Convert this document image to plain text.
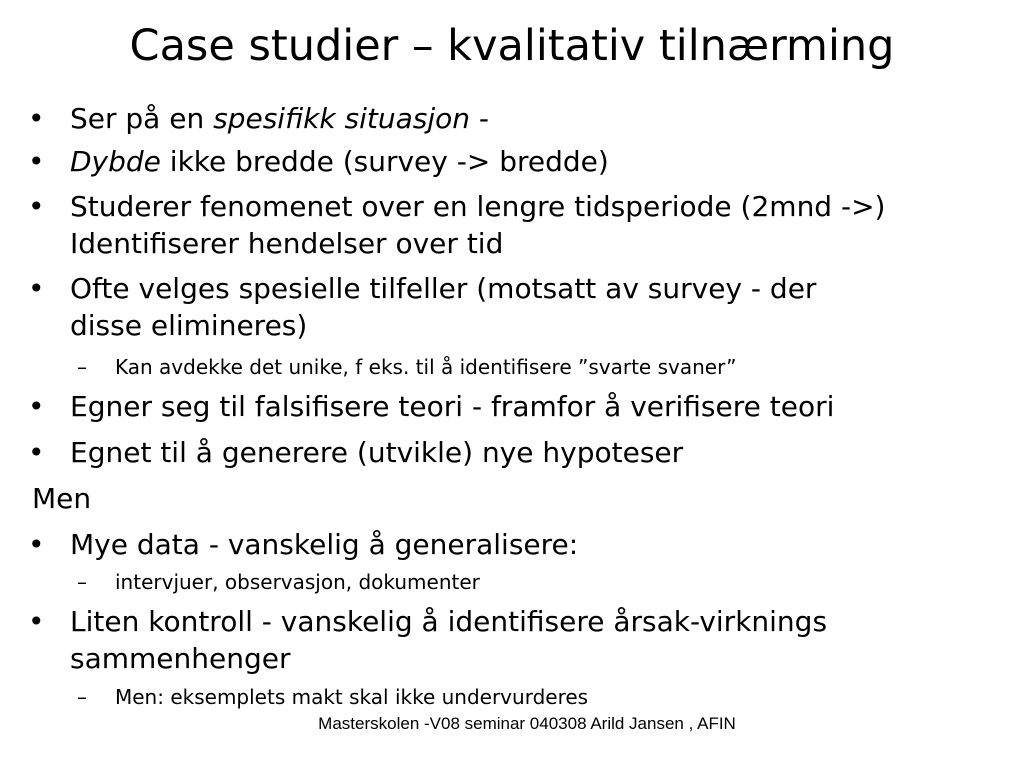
Case studier – kvalitativ tilnærming
• Ser på en spesifikk situasjon -
• Dybde ikke bredde (survey -> bredde)
• Studerer fenomenet over en lengre tidsperiode (2mnd ->)
Identifiserer hendelser over tid
• Ofte velges spesielle tilfeller (motsatt av survey - der
disse elimineres)
– Kan avdekke det unike, f eks. til å identifisere ”svarte svaner”
• Egner seg til falsifisere teori - framfor å verifisere teori
• Egnet til å generere (utvikle) nye hypoteser
Men
• Mye data - vanskelig å generalisere:
– intervjuer, observasjon, dokumenter
• Liten kontroll - vanskelig å identifisere årsak-virknings
sammenhenger
– Men: eksemplets makt skal ikke undervurderes
Masterskolen -V08 seminar 040308 Arild Jansen , AFIN
